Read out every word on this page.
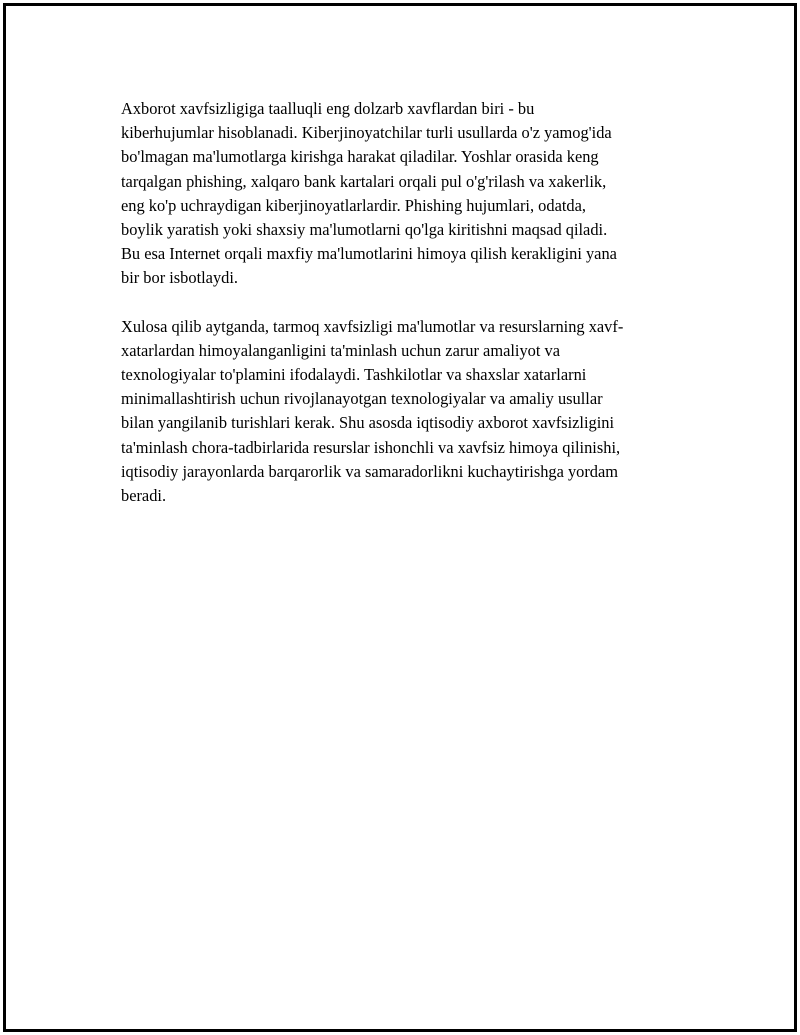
Axborot xavfsizligiga taalluqli eng dolzarb xavflardan biri - bu
kiberhujumlar hisoblanadi. Kiberjinoyatchilar turli usullarda o'z yamog'ida
bo'lmagan ma'lumotlarga kirishga harakat qiladilar. Yoshlar orasida keng
tarqalgan phishing, xalqaro bank kartalari orqali pul o'g'rilash va xakerlik,
eng ko'p uchraydigan kiberjinoyatlarlardir. Phishing hujumlari, odatda,
boylik yaratish yoki shaxsiy ma'lumotlarni qo'lga kiritishni maqsad qiladi.
Bu esa Internet orqali maxfiy ma'lumotlarini himoya qilish kerakligini yana
bir bor isbotlaydi.

Xulosa qilib aytganda, tarmoq xavfsizligi ma'lumotlar va resurslarning xavf-
xatarlardan himoyalanganligini ta'minlash uchun zarur amaliyot va
texnologiyalar to'plamini ifodalaydi. Tashkilotlar va shaxslar xatarlarni
minimallashtirish uchun rivojlanayotgan texnologiyalar va amaliy usullar
bilan yangilanib turishlari kerak. Shu asosda iqtisodiy axborot xavfsizligini
ta'minlash chora-tadbirlarida resurslar ishonchli va xavfsiz himoya qilinishi,
iqtisodiy jarayonlarda barqarorlik va samaradorlikni kuchaytirishga yordam
beradi.
